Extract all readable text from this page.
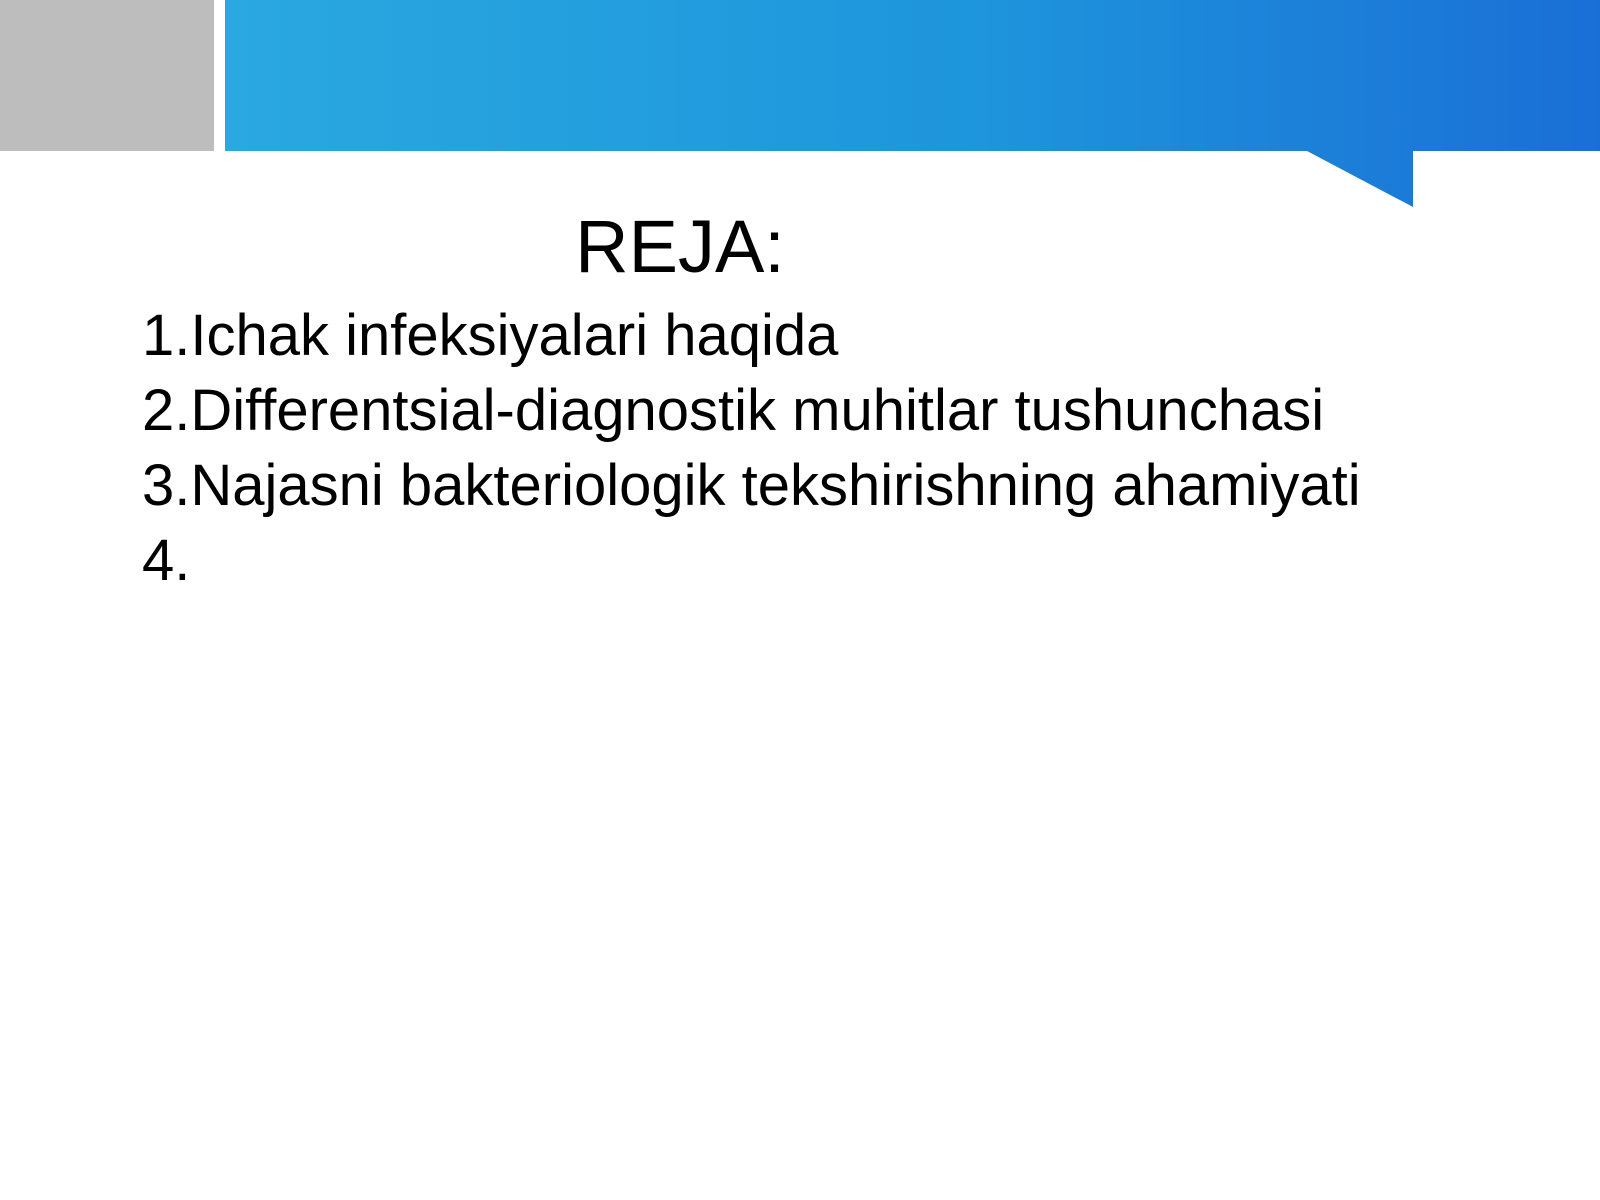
REJA:
1.Ichak infeksiyalari haqida
2.Differentsial-diagnostik muhitlar tushunchasi
3.Najasni bakteriologik tekshirishning ahamiyati
4.
